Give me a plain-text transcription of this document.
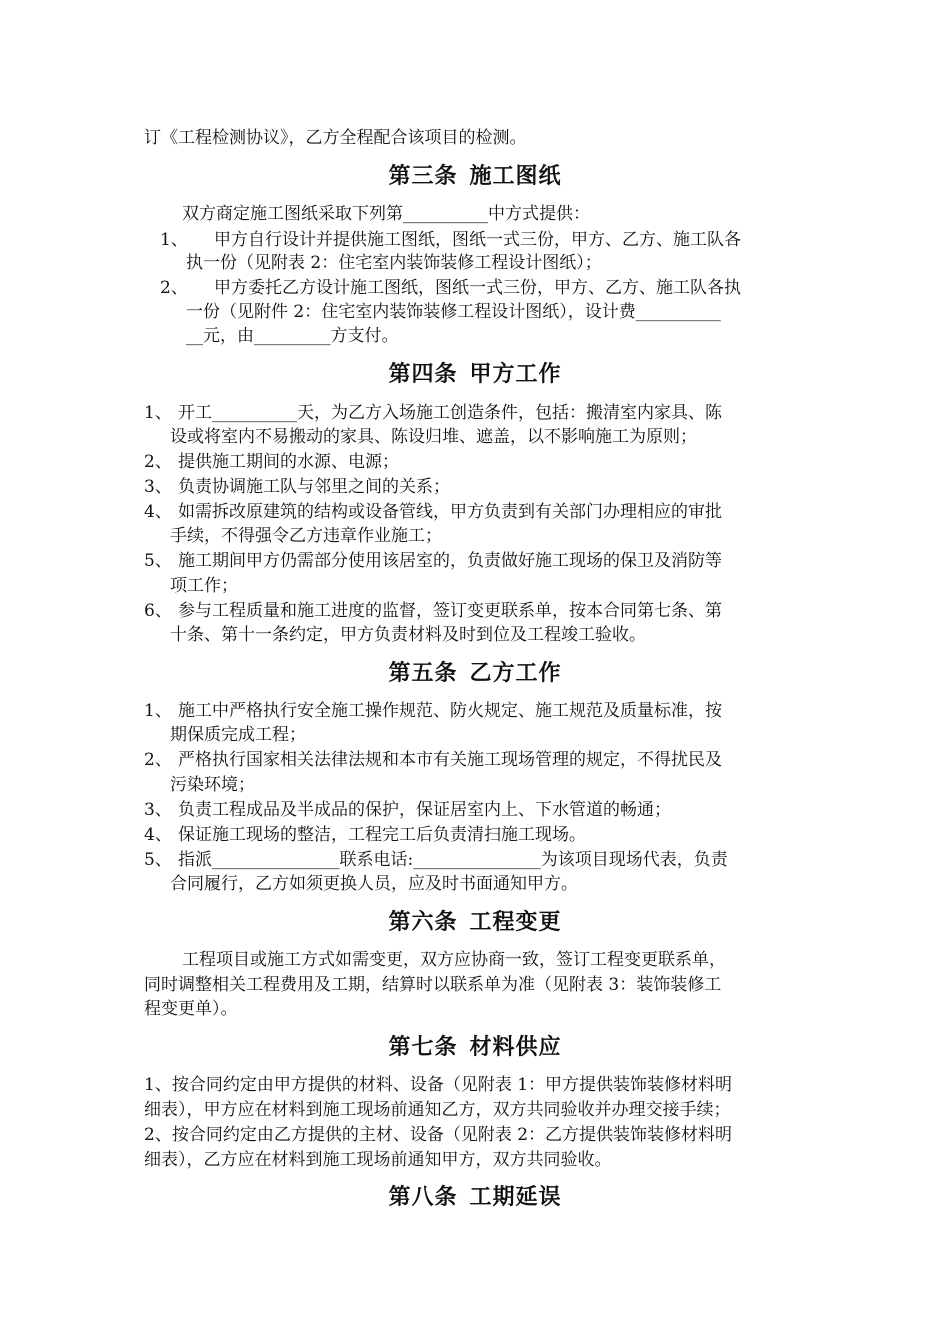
订《工程检测协议》，乙方全程配合该项目的检测。
第三条 施工图纸
双方商定施工图纸采取下列第__________中方式提供：
1、 甲方自行设计并提供施工图纸，图纸一式三份，甲方、乙方、施工队各
执一份（见附表 2：住宅室内装饰装修工程设计图纸）；
2、 甲方委托乙方设计施工图纸，图纸一式三份，甲方、乙方、施工队各执
一份（见附件 2：住宅室内装饰装修工程设计图纸），设计费__________
__元，由_________方支付。
第四条 甲方工作
1、 开工__________天，为乙方入场施工创造条件，包括：搬清室内家具、陈
设或将室内不易搬动的家具、陈设归堆、遮盖，以不影响施工为原则；
2、 提供施工期间的水源、电源；
3、 负责协调施工队与邻里之间的关系；
4、 如需拆改原建筑的结构或设备管线，甲方负责到有关部门办理相应的审批
手续，不得强令乙方违章作业施工；
5、 施工期间甲方仍需部分使用该居室的，负责做好施工现场的保卫及消防等
项工作；
6、 参与工程质量和施工进度的监督，签订变更联系单，按本合同第七条、第
十条、第十一条约定，甲方负责材料及时到位及工程竣工验收。
第五条 乙方工作
1、 施工中严格执行安全施工操作规范、防火规定、施工规范及质量标准，按
期保质完成工程；
2、 严格执行国家相关法律法规和本市有关施工现场管理的规定，不得扰民及
污染环境；
3、 负责工程成品及半成品的保护，保证居室内上、下水管道的畅通；
4、 保证施工现场的整洁，工程完工后负责清扫施工现场。
5、 指派_______________联系电话:_______________为该项目现场代表，负责
合同履行，乙方如须更换人员，应及时书面通知甲方。
第六条 工程变更
工程项目或施工方式如需变更，双方应协商一致，签订工程变更联系单，
同时调整相关工程费用及工期，结算时以联系单为准（见附表 3：装饰装修工
程变更单）。
第七条 材料供应
1、按合同约定由甲方提供的材料、设备（见附表 1：甲方提供装饰装修材料明
细表），甲方应在材料到施工现场前通知乙方，双方共同验收并办理交接手续；
2、按合同约定由乙方提供的主材、设备（见附表 2：乙方提供装饰装修材料明
细表），乙方应在材料到施工现场前通知甲方，双方共同验收。
第八条 工期延误
